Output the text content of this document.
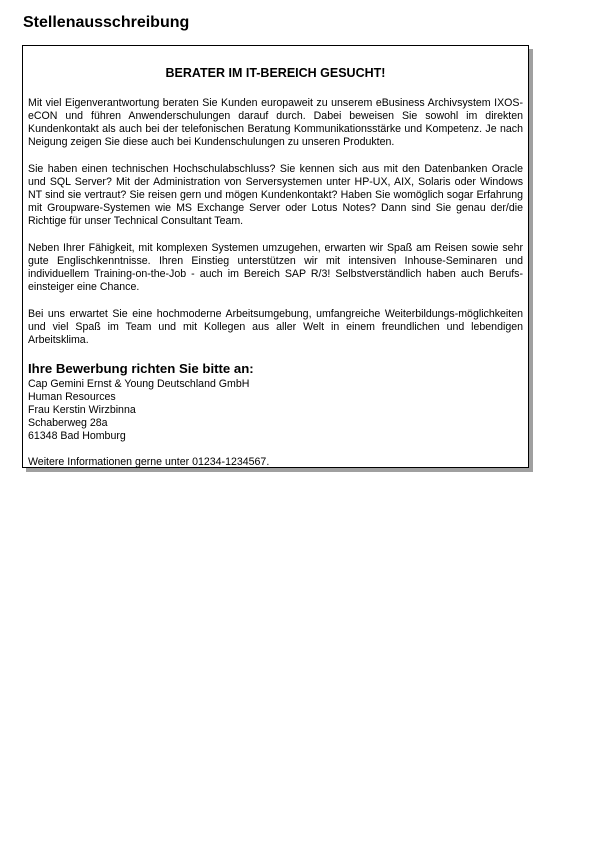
Stellenausschreibung
BERATER IM IT-BEREICH GESUCHT!

Mit viel Eigenverantwortung beraten Sie Kunden europaweit zu unserem eBusiness Archivsystem IXOS-eCON und führen Anwenderschulungen darauf durch. Dabei beweisen Sie sowohl im direkten Kundenkontakt als auch bei der telefonischen Beratung Kommunikationsstärke und Kompetenz. Je nach Neigung zeigen Sie diese auch bei Kundenschulungen zu unseren Produkten.

Sie haben einen technischen Hochschulabschluss? Sie kennen sich aus mit den Datenbanken Oracle und SQL Server? Mit der Administration von Serversystemen unter HP-UX, AIX, Solaris oder Windows NT sind sie vertraut? Sie reisen gern und mögen Kundenkontakt? Haben Sie womöglich sogar Erfahrung mit Groupware-Systemen wie MS Exchange Server oder Lotus Notes? Dann sind Sie genau der/die Richtige für unser Technical Consultant Team.

Neben Ihrer Fähigkeit, mit komplexen Systemen umzugehen, erwarten wir Spaß am Reisen sowie sehr gute Englischkenntnisse. Ihren Einstieg unterstützen wir mit intensiven Inhouse-Seminaren und individuellem Training-on-the-Job - auch im Bereich SAP R/3! Selbstverständlich haben auch Berufs-einsteiger eine Chance.

Bei uns erwartet Sie eine hochmoderne Arbeitsumgebung, umfangreiche Weiterbildungs-möglichkeiten und viel Spaß im Team und mit Kollegen aus aller Welt in einem freundlichen und lebendigen Arbeitsklima.

Ihre Bewerbung richten Sie bitte an:
Cap Gemini Ernst & Young Deutschland GmbH
Human Resources
Frau Kerstin Wirzbinna
Schaberweg 28a
61348 Bad Homburg

Weitere Informationen gerne unter 01234-1234567.
